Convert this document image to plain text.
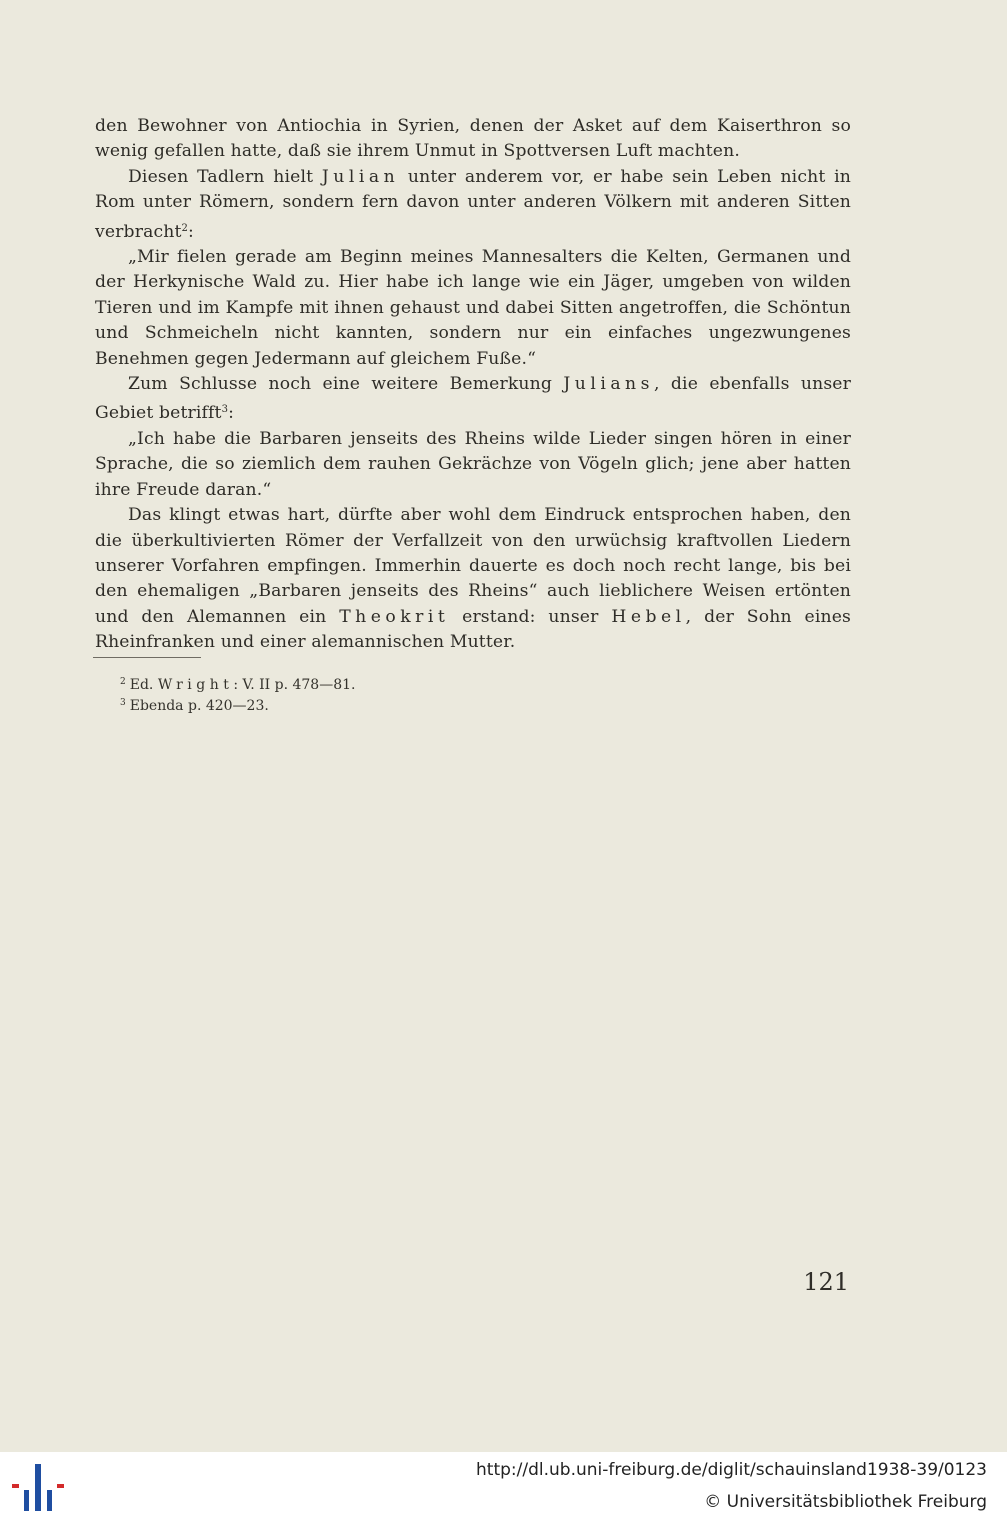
den Bewohner von Antiochia in Syrien, denen der Asket auf dem Kaiserthron so wenig gefallen hatte, daß sie ihrem Unmut in Spottversen Luft machten.

Diesen Tadlern hielt Julian unter anderem vor, er habe sein Leben nicht in Rom unter Römern, sondern fern davon unter anderen Völkern mit anderen Sitten verbracht$^2$:

„Mir fielen gerade am Beginn meines Mannesalters die Kelten, Germanen und der Herkynische Wald zu. Hier habe ich lange wie ein Jäger, umgeben von wilden Tieren und im Kampfe mit ihnen gehaust und dabei Sitten angetroffen, die Schöntun und Schmeicheln nicht kannten, sondern nur ein einfaches ungezwungenes Benehmen gegen Jedermann auf gleichem Fuße.“

Zum Schlusse noch eine weitere Bemerkung Julians, die ebenfalls unser Gebiet betrifft$^3$:

„Ich habe die Barbaren jenseits des Rheins wilde Lieder singen hören in einer Sprache, die so ziemlich dem rauhen Gekrächze von Vögeln glich; jene aber hatten ihre Freude daran.“

Das klingt etwas hart, dürfte aber wohl dem Eindruck entsprochen haben, den die überkultivierten Römer der Verfallzeit von den urwüchsig kraftvollen Liedern unserer Vorfahren empfingen. Immerhin dauerte es doch noch recht lange, bis bei den ehemaligen „Barbaren jenseits des Rheins“ auch lieblichere Weisen ertönten und den Alemannen ein Theokrit erstand: unser Hebel, der Sohn eines Rheinfranken und einer alemannischen Mutter.

$^2$ Ed. Wright: V. II p. 478—81.

$^3$ Ebenda p. 420—23.

121
http://dl.ub.uni-freiburg.de/diglit/schauinsland1938-39/0123
© Universitätsbibliothek Freiburg
